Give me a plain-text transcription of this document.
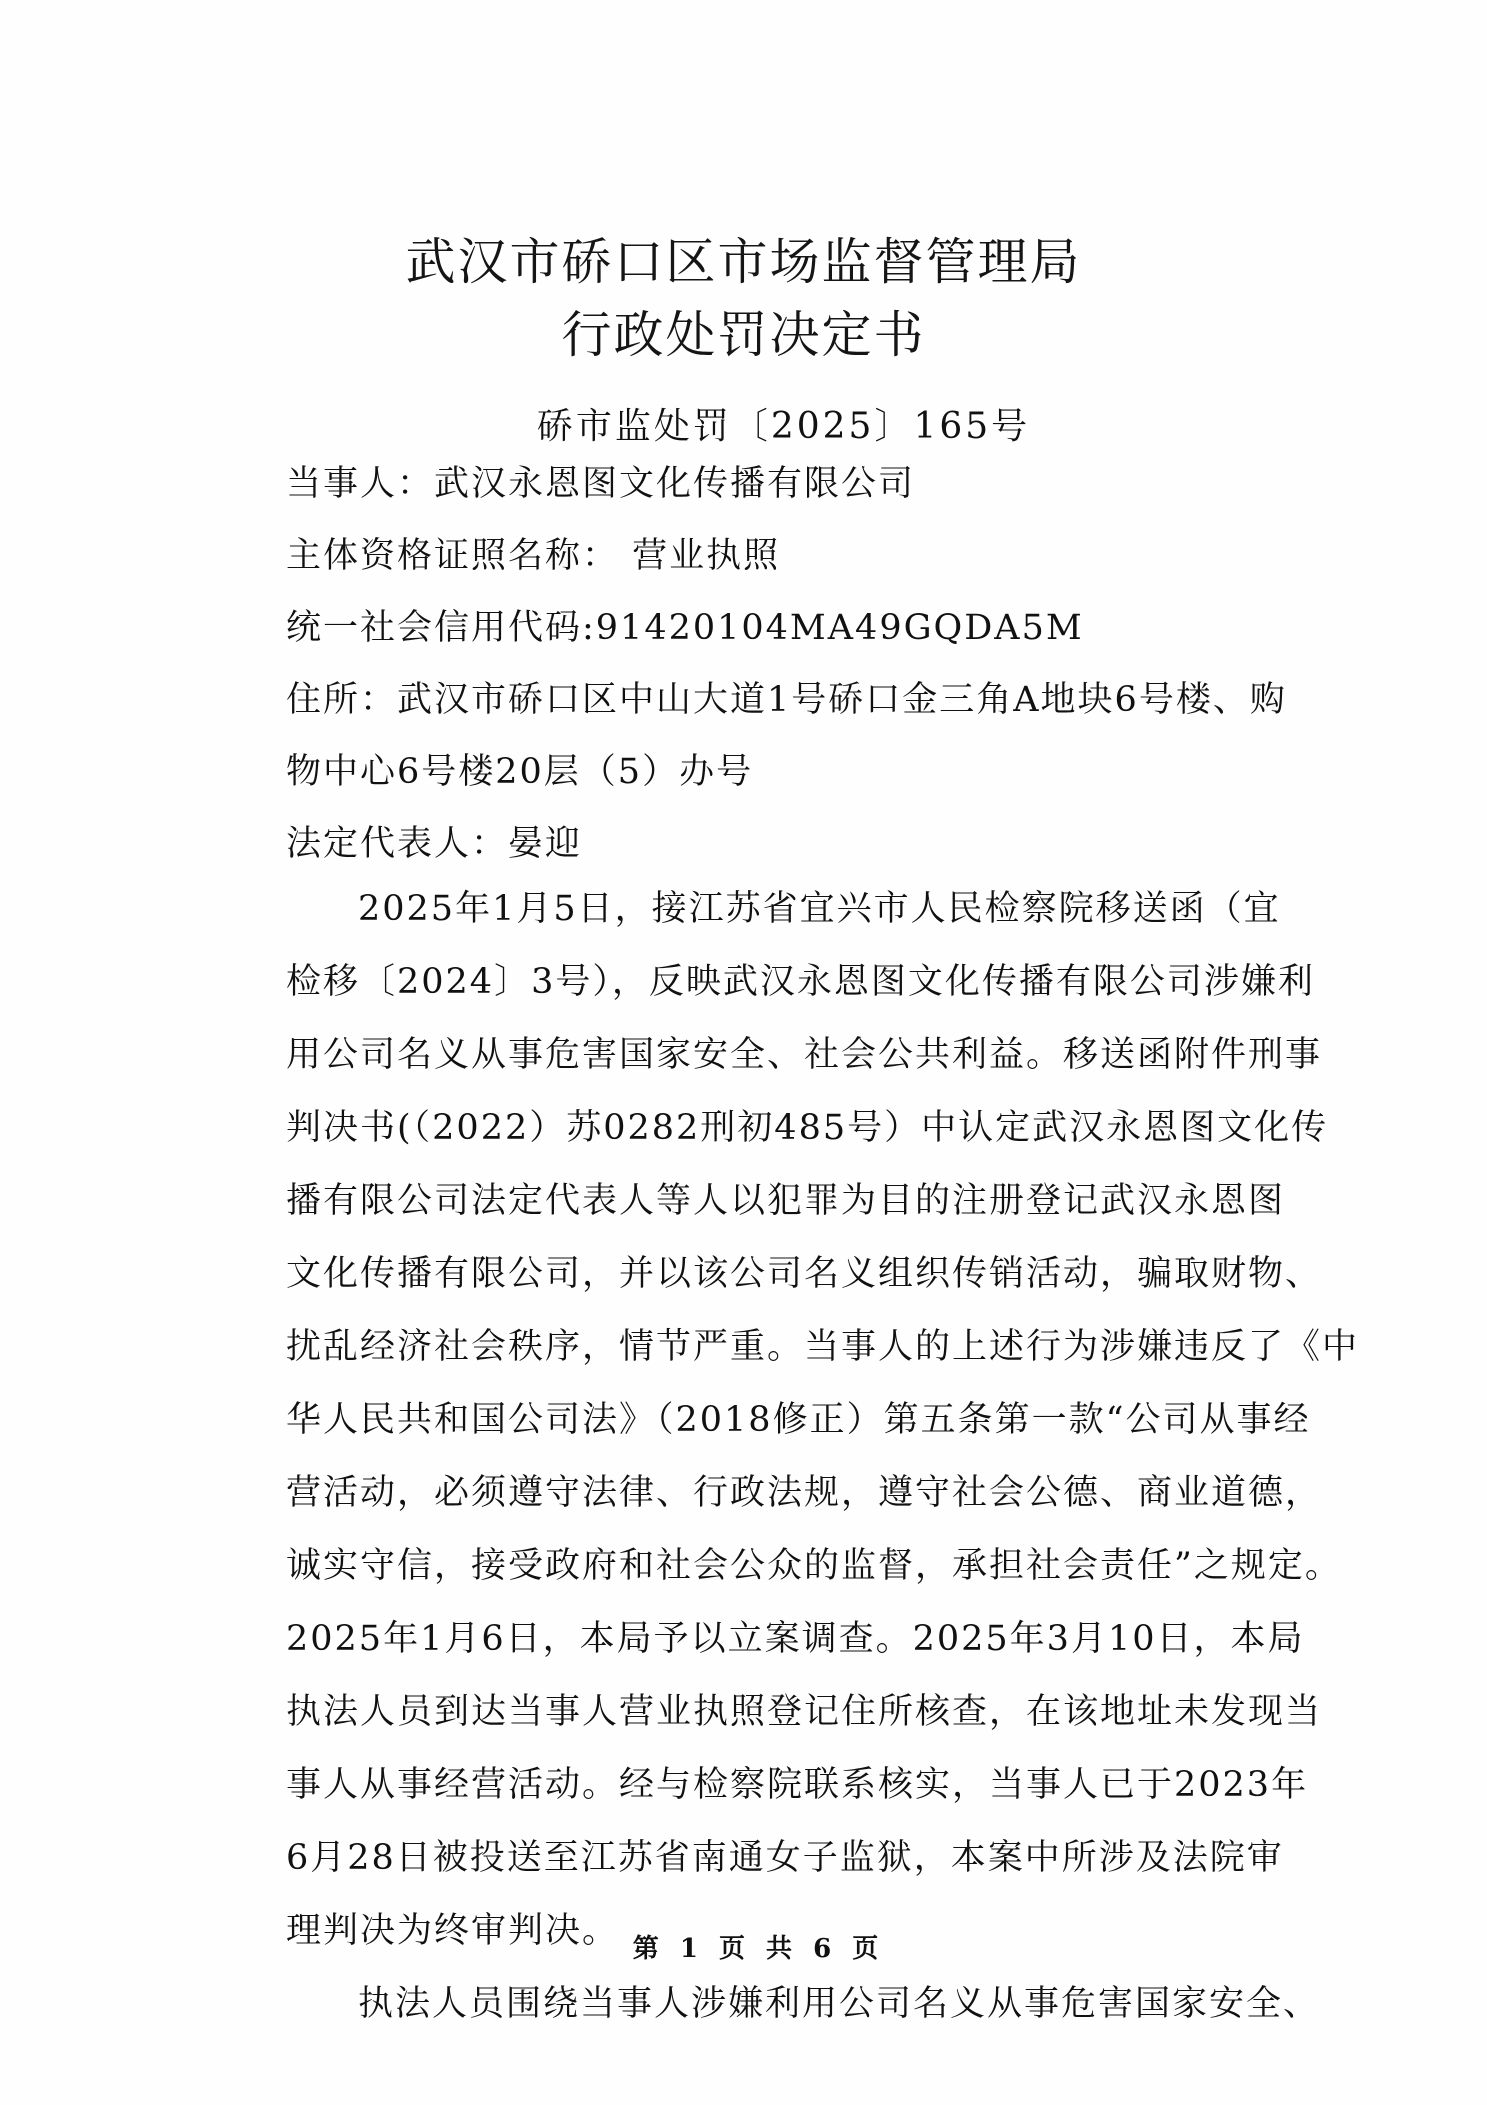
武汉市硚口区市场监督管理局
行政处罚决定书
硚市监处罚〔2025〕165号
当事人：武汉永恩图文化传播有限公司
主体资格证照名称： 营业执照
统一社会信用代码:91420104MA49GQDA5M
住所：武汉市硚口区中山大道1号硚口金三角A地块6号楼、购
物中心6号楼20层（5）办号
法定代表人：晏迎
2025年1月5日，接江苏省宜兴市人民检察院移送函（宜
检移〔2024〕3号），反映武汉永恩图文化传播有限公司涉嫌利
用公司名义从事危害国家安全、社会公共利益。移送函附件刑事
判决书(（2022）苏0282刑初485号）中认定武汉永恩图文化传
播有限公司法定代表人等人以犯罪为目的注册登记武汉永恩图
文化传播有限公司，并以该公司名义组织传销活动，骗取财物、
扰乱经济社会秩序，情节严重。当事人的上述行为涉嫌违反了《中
华人民共和国公司法》（2018修正）第五条第一款“公司从事经
营活动，必须遵守法律、行政法规，遵守社会公德、商业道德，
诚实守信，接受政府和社会公众的监督，承担社会责任”之规定。
2025年1月6日，本局予以立案调查。2025年3月10日，本局
执法人员到达当事人营业执照登记住所核查，在该地址未发现当
事人从事经营活动。经与检察院联系核实，当事人已于2023年
6月28日被投送至江苏省南通女子监狱，本案中所涉及法院审
理判决为终审判决。
执法人员围绕当事人涉嫌利用公司名义从事危害国家安全、
第 1 页 共 6 页
